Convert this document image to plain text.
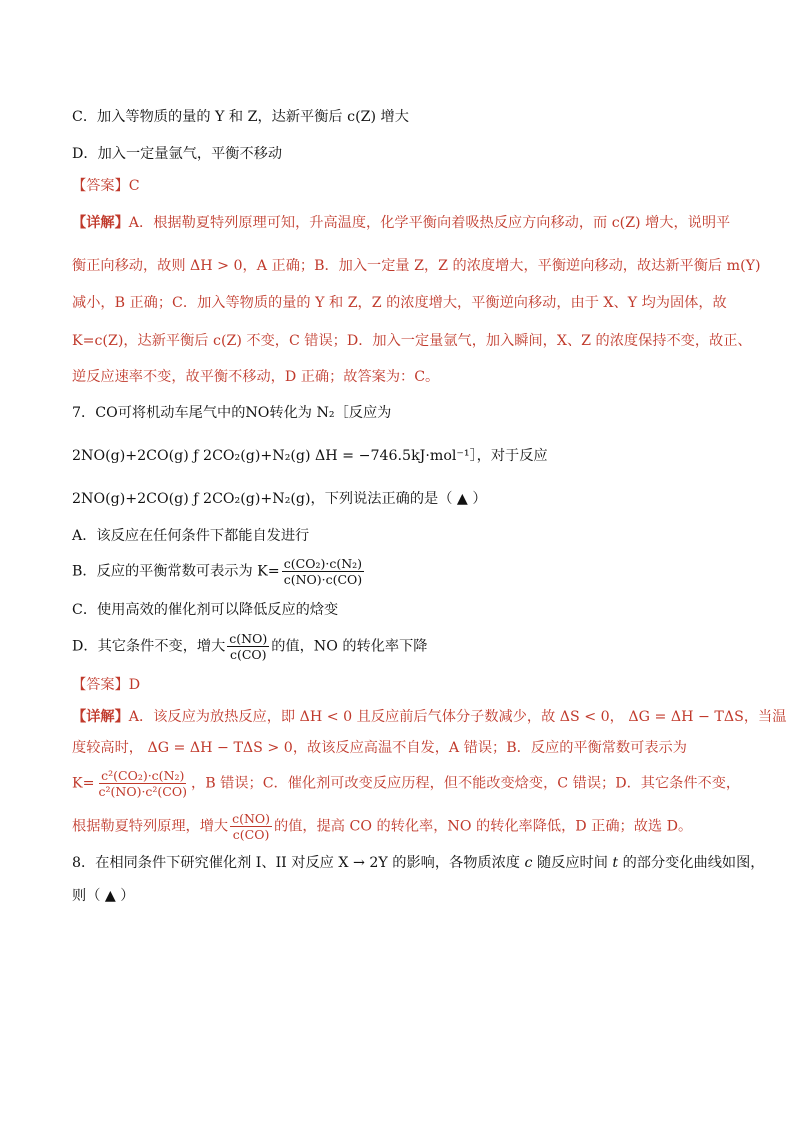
C．加入等物质的量的 Y 和 Z，达新平衡后 c(Z) 增大
D．加入一定量氩气，平衡不移动
【答案】C
【详解】A．根据勒夏特列原理可知，升高温度，化学平衡向着吸热反应方向移动，而 c(Z) 增大，说明平
衡正向移动，故则 ΔH > 0，A 正确；B．加入一定量 Z，Z 的浓度增大，平衡逆向移动，故达新平衡后 m(Y)
减小，B 正确；C．加入等物质的量的 Y 和 Z，Z 的浓度增大，平衡逆向移动，由于 X、Y 均为固体，故
K=c(Z)，达新平衡后 c(Z) 不变，C 错误；D．加入一定量氩气，加入瞬间，X、Z 的浓度保持不变，故正、
逆反应速率不变，故平衡不移动，D 正确；故答案为：C。
7．CO可将机动车尾气中的NO转化为 N₂［反应为
2NO(g)+2CO(g) ƒ 2CO₂(g)+N₂(g) ΔH = −746.5kJ·mol⁻¹］，对于反应
2NO(g)+2CO(g) ƒ 2CO₂(g)+N₂(g)，下列说法正确的是（ ▲ ）
A．该反应在任何条件下都能自发进行
B．反应的平衡常数可表示为 $K= \frac{\text{c(CO₂)·c(N₂)}}{c(NO)\cdot c(CO)}$
C．使用高效的催化剂可以降低反应的焓变
D．其它条件不变，增大 $\frac{c(NO)}{c(CO)}$ 的值，NO 的转化率下降
【答案】D
【详解】A．该反应为放热反应，即 ΔH < 0 且反应前后气体分子数减少，故 ΔS < 0， ΔG = ΔH − TΔS，当温
度较高时， ΔG = ΔH − TΔS > 0，故该反应高温不自发，A 错误；B．反应的平衡常数可表示为
$K= \frac{\text{c²(CO₂)·c(N₂)}}{\text{c²(NO)·c²(CO)}}$ ，B 错误；C．催化剂可改变反应历程，但不能改变焓变，C 错误；D．其它条件不变，
根据勒夏特列原理，增大 $\frac{c(NO)}{c(CO)}$ 的值，提高 CO 的转化率，NO 的转化率降低，D 正确；故选 D。
8．在相同条件下研究催化剂 I、II 对反应 X → 2Y 的影响，各物质浓度 c 随反应时间 t 的部分变化曲线如图，
则（ ▲ ）
